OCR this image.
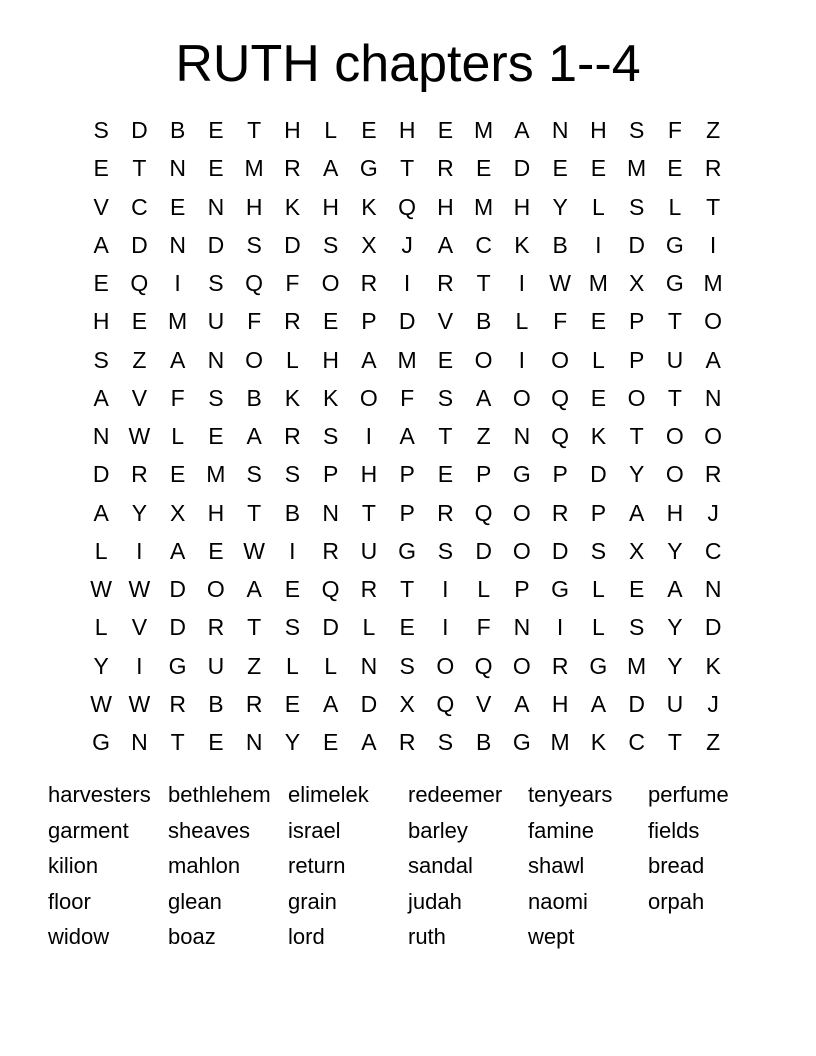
RUTH chapters 1--4
S D B E	T H	L	E H E M A N H S	F	Z
E	T N E M R A G T R E D E E M E R
V C E N H K H K Q H M H Y	L	S	L	T
A D N D S D S X	J	A C K B	I	D G	I
E Q	I	S Q F O R	I	R T	I	W M X G M
H E M U F R E P D V B	L	F	E P	T O
S	Z	A N O L	H A M E O	I	O L	P U A
A V	F	S B K K O F	S A O Q E O T N
N W L	E A R S	I	A	T	Z N Q K	T O O
D R E M S S P H P E P G P D Y O R
A Y X H T	B N T	P R Q O R P A H	J
L	I	A E W	I	R U G S D O D S X Y C
W W D O A E Q R T	I	L	P G L	E A N
L	V D R T	S D	L	E	I	F N	I	L	S Y D
Y	I	G U Z	L	L	N S O Q O R G M Y K
W W R B R E A D X Q V A H A D U	J
G N T	E N Y E A R S B G M K C T	Z
harvesters bethlehem elimelek	redeemer	tenyears	perfume
garment	sheaves	israel	barley	famine	fields
kilion	mahlon	return	sandal	shawl	bread
floor	glean	grain	judah	naomi	orpah
widow	boaz	lord	ruth	wept
